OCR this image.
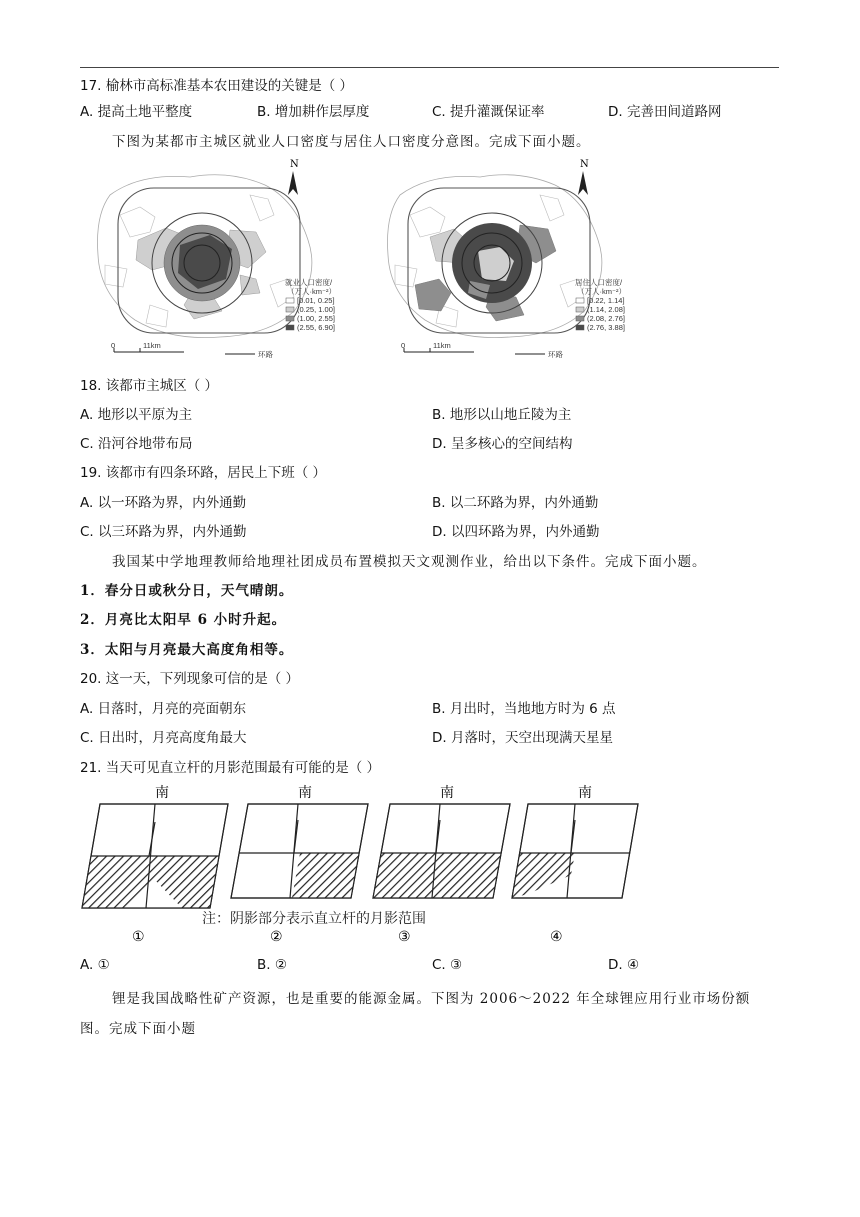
17. 榆林市高标准基本农田建设的关键是（ ）
A. 提高土地平整度	B. 增加耕作层厚度	C. 提升灌溉保证率	D. 完善田间道路网
下图为某都市主城区就业人口密度与居住人口密度分意图。完成下面小题。
N
就业人口密度/
（万人·km⁻²）
[0.01, 0.25]
(0.25, 1.00]
(1.00, 2.55]
(2.55, 6.90]
0	11km
环路
N
居住人口密度/
（万人·km⁻²）
[0.22, 1.14]
(1.14, 2.08]
(2.08, 2.76]
(2.76, 3.88]
0	11km
环路
18. 该都市主城区（ ）
A. 地形以平原为主	B. 地形以山地丘陵为主
C. 沿河谷地带布局	D. 呈多核心的空间结构
19. 该都市有四条环路，居民上下班（ ）
A. 以一环路为界，内外通勤	B. 以二环路为界，内外通勤
C. 以三环路为界，内外通勤	D. 以四环路为界，内外通勤
我国某中学地理教师给地理社团成员布置模拟天文观测作业，给出以下条件。完成下面小题。
1．春分日或秋分日，天气晴朗。
2．月亮比太阳早 6 小时升起。
3．太阳与月亮最大高度角相等。
20. 这一天，下列现象可信的是（ ）
A. 日落时，月亮的亮面朝东	B. 月出时，当地地方时为 6 点
C. 日出时，月亮高度角最大	D. 月落时，天空出现满天星星
21. 当天可见直立杆的月影范围最有可能的是（ ）
南
①
南
②
南
③
南
④
注：阴影部分表示直立杆的月影范围
A. ①	B. ②	C. ③	D. ④
锂是我国战略性矿产资源，也是重要的能源金属。下图为 2006～2022 年全球锂应用行业市场份额
图。完成下面小题
